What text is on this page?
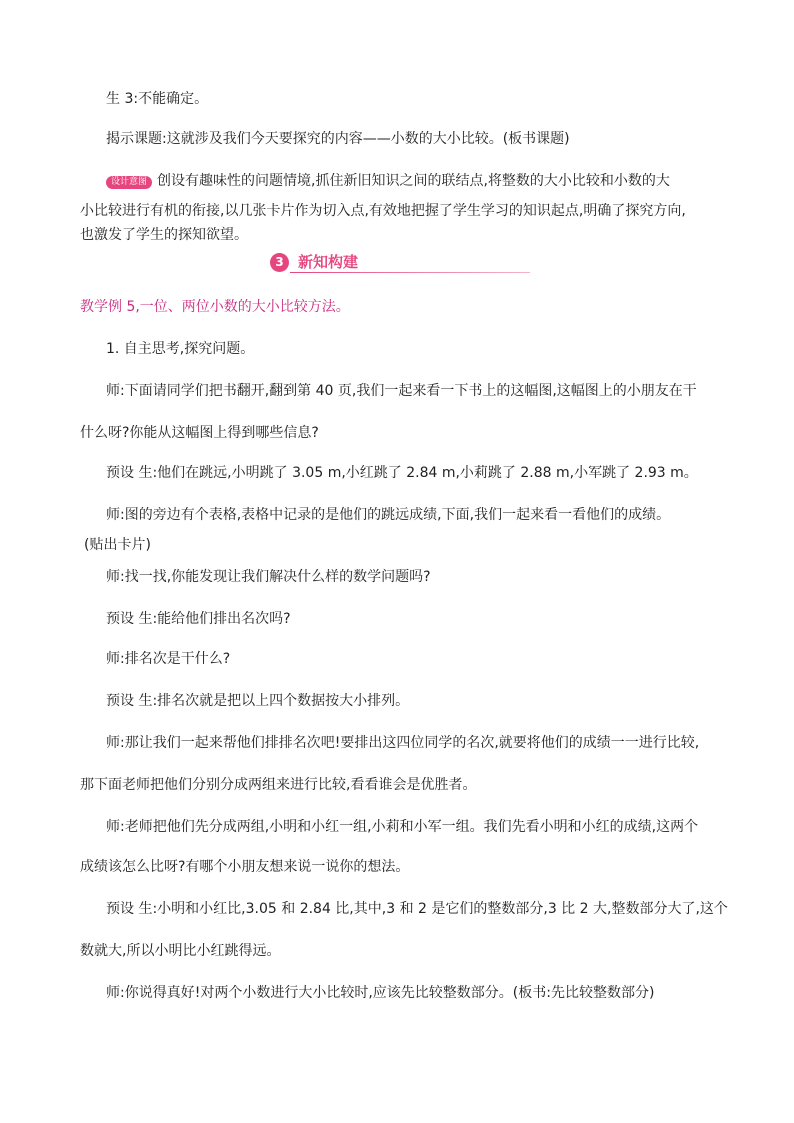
生 3:不能确定。
揭示课题:这就涉及我们今天要探究的内容——小数的大小比较。(板书课题)
设计意图 创设有趣味性的问题情境,抓住新旧知识之间的联结点,将整数的大小比较和小数的大
小比较进行有机的衔接,以几张卡片作为切入点,有效地把握了学生学习的知识起点,明确了探究方向,
也激发了学生的探知欲望。
3 新知构建
教学例 5,一位、两位小数的大小比较方法。
1. 自主思考,探究问题。
师:下面请同学们把书翻开,翻到第 40 页,我们一起来看一下书上的这幅图,这幅图上的小朋友在干
什么呀?你能从这幅图上得到哪些信息?
预设 生:他们在跳远,小明跳了 3.05 m,小红跳了 2.84 m,小莉跳了 2.88 m,小军跳了 2.93 m。
师:图的旁边有个表格,表格中记录的是他们的跳远成绩,下面,我们一起来看一看他们的成绩。
(贴出卡片)
师:找一找,你能发现让我们解决什么样的数学问题吗?
预设 生:能给他们排出名次吗?
师:排名次是干什么?
预设 生:排名次就是把以上四个数据按大小排列。
师:那让我们一起来帮他们排排名次吧!要排出这四位同学的名次,就要将他们的成绩一一进行比较,
那下面老师把他们分别分成两组来进行比较,看看谁会是优胜者。
师:老师把他们先分成两组,小明和小红一组,小莉和小军一组。我们先看小明和小红的成绩,这两个
成绩该怎么比呀?有哪个小朋友想来说一说你的想法。
预设 生:小明和小红比,3.05 和 2.84 比,其中,3 和 2 是它们的整数部分,3 比 2 大,整数部分大了,这个
数就大,所以小明比小红跳得远。
师:你说得真好!对两个小数进行大小比较时,应该先比较整数部分。(板书:先比较整数部分)
